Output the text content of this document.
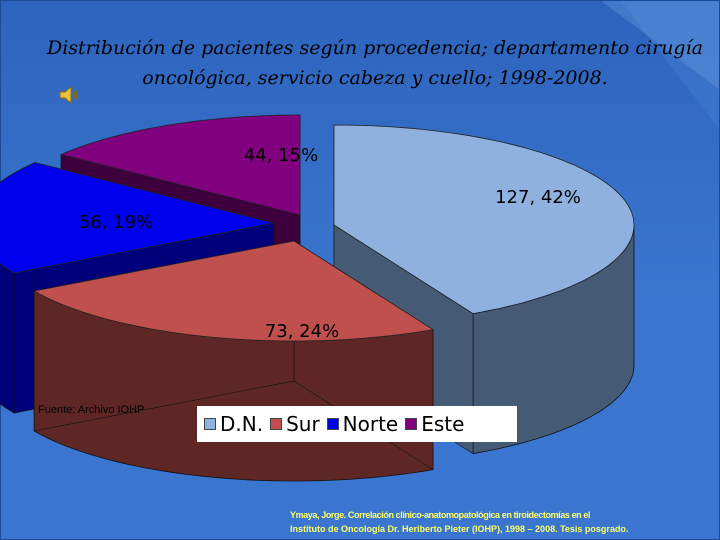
Distribución de pacientes según procedencia; departamento cirugía
oncológica, servicio cabeza y cuello; 1998-2008.
127, 42%
73, 24%
56, 19%
44, 15%
Fuente: Archivo IOHP
D.N. Sur Norte Este
Ymaya, Jorge. Correlación clínico-anatomopatológica en tiroidectomías en el
Instituto de Oncología Dr. Heriberto Pieter (IOHP), 1998 – 2008. Tesis posgrado.
